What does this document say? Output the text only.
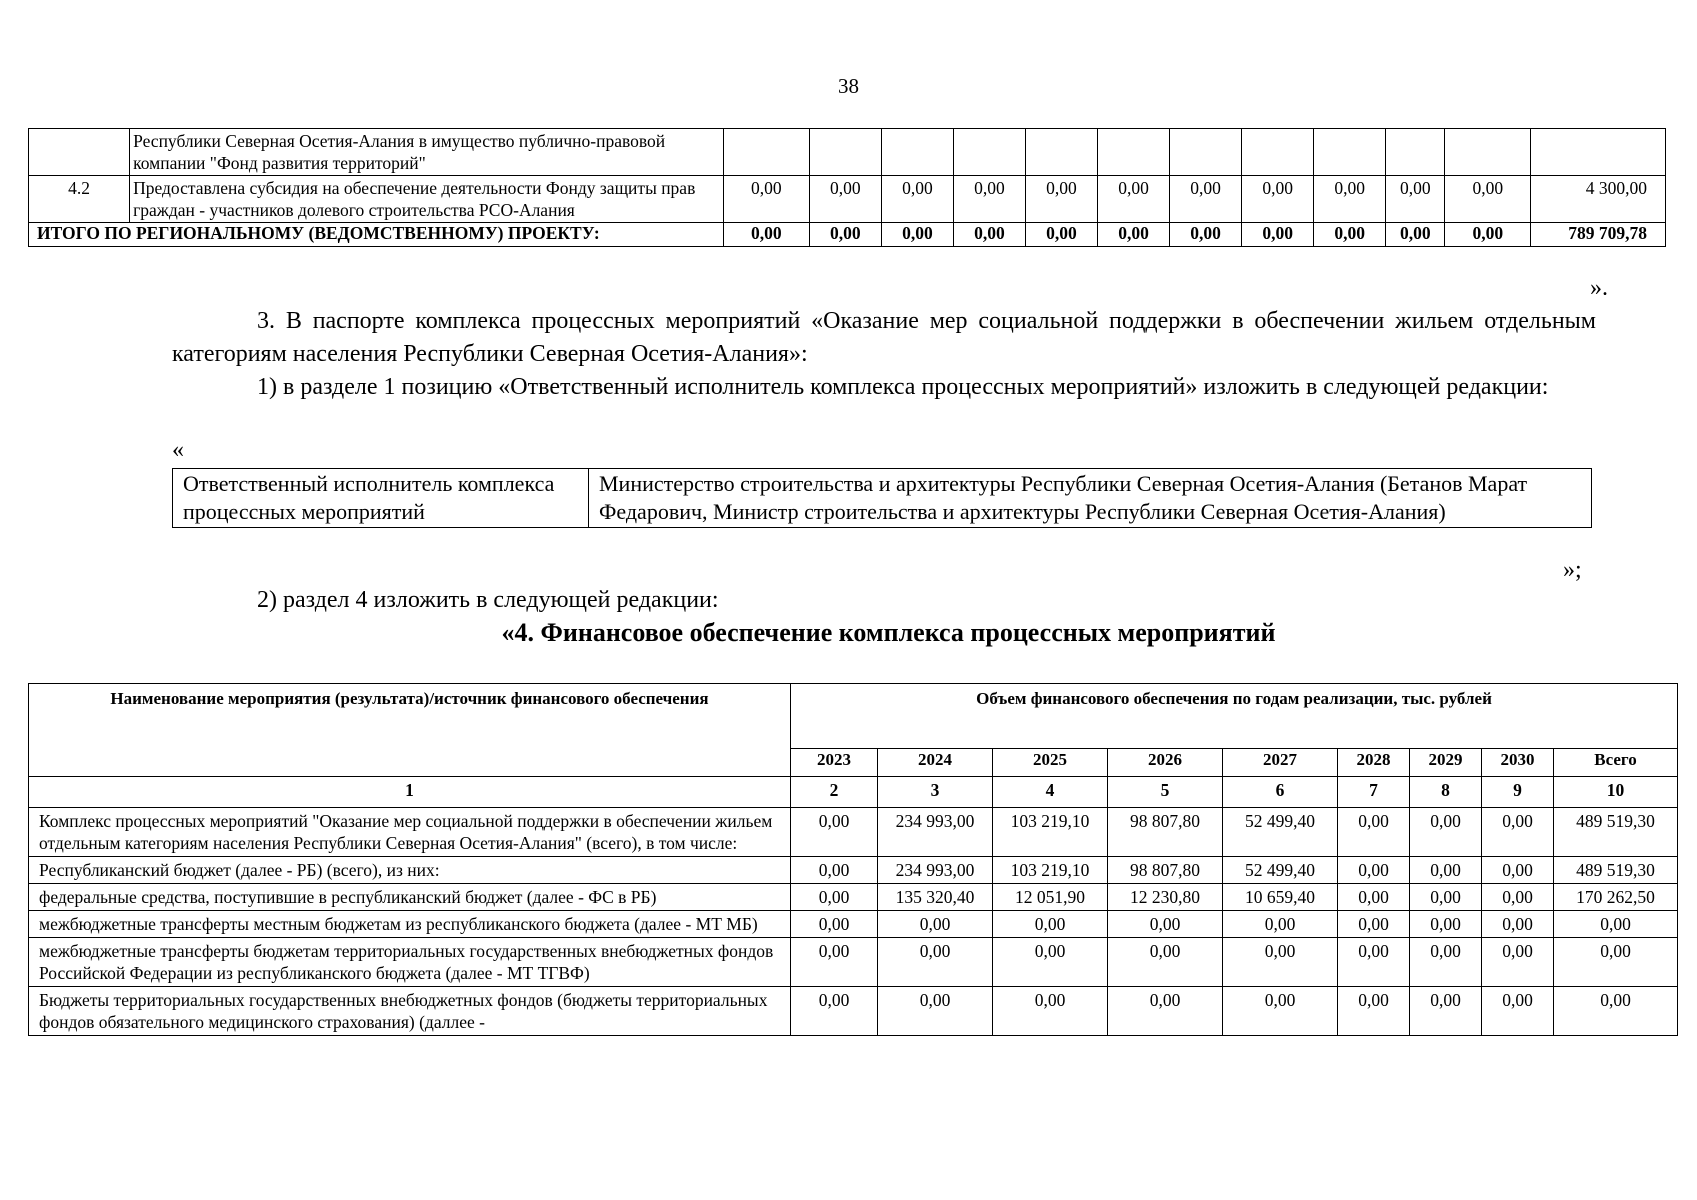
38
	Республики Северная Осетия-Алания в имущество публично-правовой компании "Фонд развития территорий"												
4.2	Предоставлена субсидия на обеспечение деятельности Фонду защиты прав граждан - участников долевого строительства РСО-Алания	0,00	0,00	0,00	0,00	0,00	0,00	0,00	0,00	0,00	0,00	0,00	4 300,00
ИТОГО ПО РЕГИОНАЛЬНОМУ (ВЕДОМСТВЕННОМУ) ПРОЕКТУ:		0,00	0,00	0,00	0,00	0,00	0,00	0,00	0,00	0,00	0,00	0,00	789 709,78
».
3. В паспорте комплекса процессных мероприятий «Оказание мер социальной поддержки в обеспечении жильем отдельным категориям населения Республики Северная Осетия-Алания»:
1) в разделе 1 позицию «Ответственный исполнитель комплекса процессных мероприятий» изложить в следующей редакции:
«
Ответственный исполнитель комплекса процессных мероприятий	Министерство строительства и архитектуры Республики Северная Осетия-Алания (Бетанов Марат Федарович, Министр строительства и архитектуры Республики Северная Осетия-Алания)
»;
2) раздел 4 изложить в следующей редакции:
«4. Финансовое обеспечение комплекса процессных мероприятий
Наименование мероприятия (результата)/источник финансового обеспечения	Объем финансового обеспечения по годам реализации, тыс. рублей								
	2023	2024	2025	2026	2027	2028	2029	2030	Всего
1	2	3	4	5	6	7	8	9	10
Комплекс процессных мероприятий "Оказание мер социальной поддержки в обеспечении жильем отдельным категориям населения Республики Северная Осетия-Алания" (всего), в том числе:	0,00	234 993,00	103 219,10	98 807,80	52 499,40	0,00	0,00	0,00	489 519,30
Республиканский бюджет (далее - РБ) (всего), из них:	0,00	234 993,00	103 219,10	98 807,80	52 499,40	0,00	0,00	0,00	489 519,30
федеральные средства, поступившие в республиканский бюджет (далее - ФС в РБ)	0,00	135 320,40	12 051,90	12 230,80	10 659,40	0,00	0,00	0,00	170 262,50
межбюджетные трансферты местным бюджетам из республиканского бюджета (далее - МТ МБ)	0,00	0,00	0,00	0,00	0,00	0,00	0,00	0,00	0,00
межбюджетные трансферты бюджетам территориальных государственных внебюджетных фондов Российской Федерации из республиканского бюджета (далее - МТ ТГВФ)	0,00	0,00	0,00	0,00	0,00	0,00	0,00	0,00	0,00
Бюджеты территориальных государственных внебюджетных фондов (бюджеты территориальных фондов обязательного медицинского страхования) (даллее -	0,00	0,00	0,00	0,00	0,00	0,00	0,00	0,00	0,00
